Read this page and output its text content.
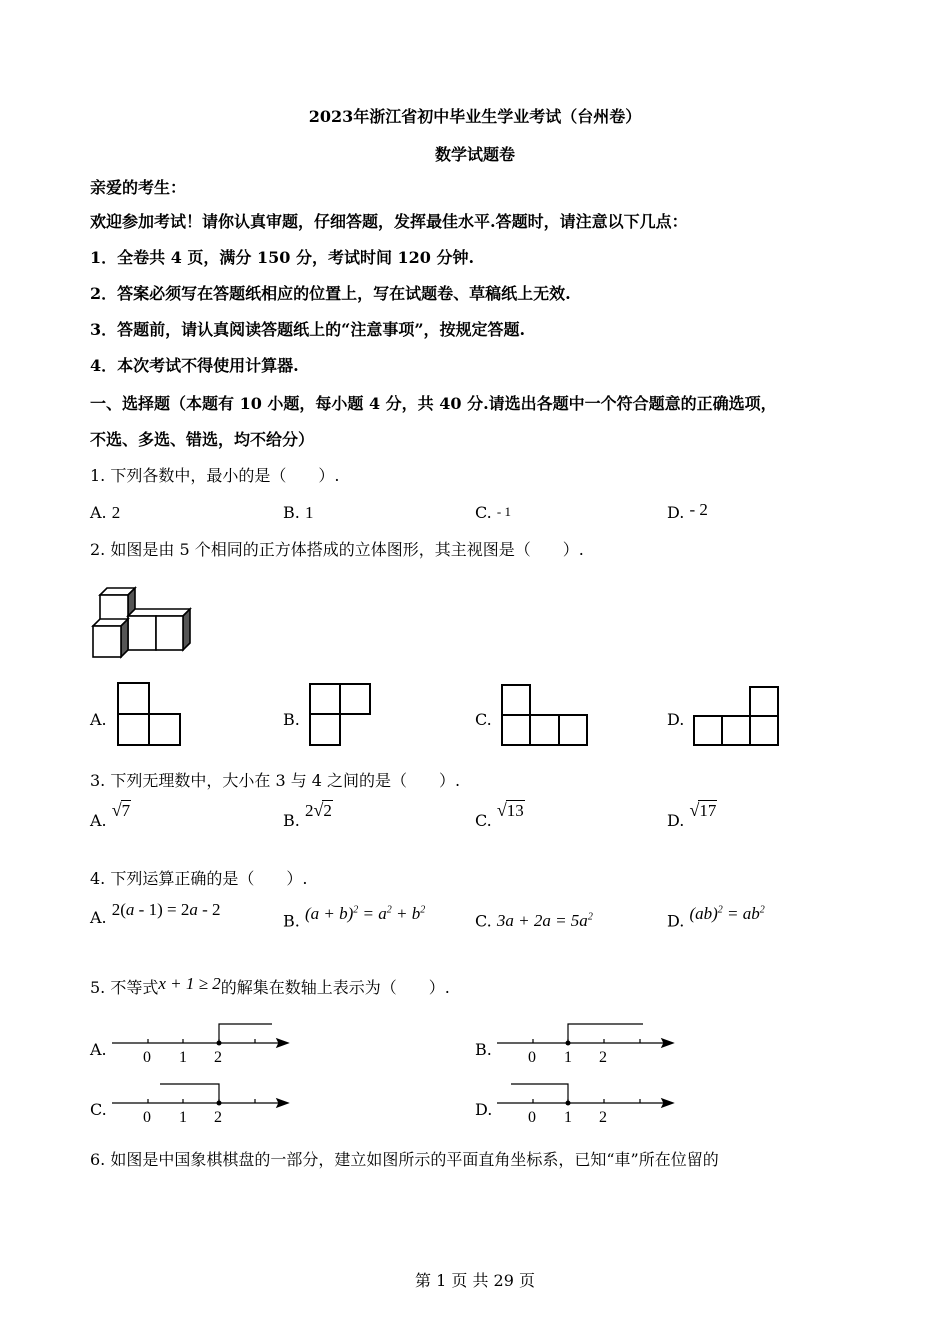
2023年浙江省初中毕业生学业考试（台州卷）
数学试题卷
亲爱的考生：
欢迎参加考试！请你认真审题，仔细答题，发挥最佳水平.答题时，请注意以下几点：
1．全卷共 4 页，满分 150 分，考试时间 120 分钟.
2．答案必须写在答题纸相应的位置上，写在试题卷、草稿纸上无效.
3．答题前，请认真阅读答题纸上的“注意事项”，按规定答题.
4．本次考试不得使用计算器.
一、选择题（本题有 10 小题，每小题 4 分，共 40 分.请选出各题中一个符合题意的正确选项，
不选、多选、错选，均不给分）
1. 下列各数中，最小的是（　　）.
A. 2	B. 1	C. - 1	D. - 2
2. 如图是由 5 个相同的正方体搭成的立体图形，其主视图是（　　）.
A.	B.	C.	D.
3. 下列无理数中，大小在 3 与 4 之间的是（　　）.
A. √7
B. 2√2
C. √13
D. √17
4. 下列运算正确的是（　　）.
A. 2(a - 1) = 2a - 2
B. $(a + b)^2 = a^2 + b^2$
C. $3a + 2a = 5a^2$	D. $(ab)^2 = ab^2$
5. 不等式x + 1 ≥ 2的解集在数轴上表示为（　　）.
A. 0 1 2	B. 0 1 2
C. 0 1 2	D. 0 1 2
6. 如图是中国象棋棋盘的一部分，建立如图所示的平面直角坐标系，已知“車”所在位留的
第 1 页 共 29 页
